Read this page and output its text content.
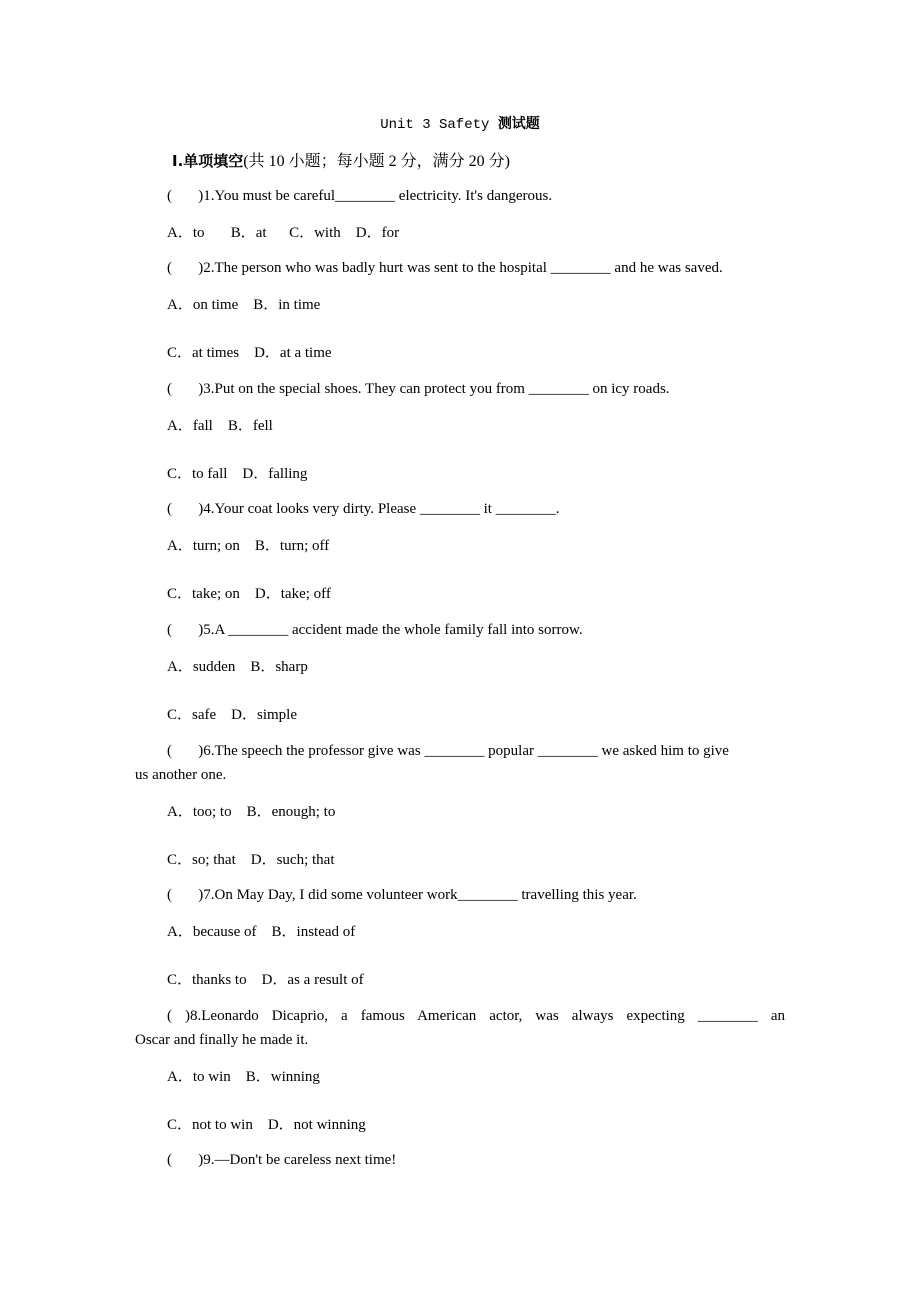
Unit 3 Safety 测试题
Ⅰ.单项填空(共 10 小题；每小题 2 分，满分 20 分)
(       )1.You must be careful________ electricity. It's dangerous.
A．to       B．at      C．with    D．for
(       )2.The person who was badly hurt was sent to the hospital ________ and he was saved.
A．on time    B．in time
C．at times    D．at a time
(       )3.Put on the special shoes. They can protect you from ________ on icy roads.
A．fall    B．fell
C．to fall    D．falling
(       )4.Your coat looks very dirty. Please ________ it ________.
A．turn; on    B．turn; off
C．take; on    D．take; off
(       )5.A ________ accident made the whole family fall into sorrow.
A．sudden    B．sharp
C．safe    D．simple
(       )6.The speech the professor give was ________ popular ________ we asked him to give
us another one.
A．too; to    B．enough; to
C．so; that    D．such; that
(       )7.On May Day, I did some volunteer work________ travelling this year.
A．because of    B．instead of
C．thanks to    D．as a result of
( )8.Leonardo Dicaprio, a famous American actor, was always expecting ________ an
Oscar and finally he made it.
A．to win    B．winning
C．not to win    D．not winning
(       )9.—Don't be careless next time!
